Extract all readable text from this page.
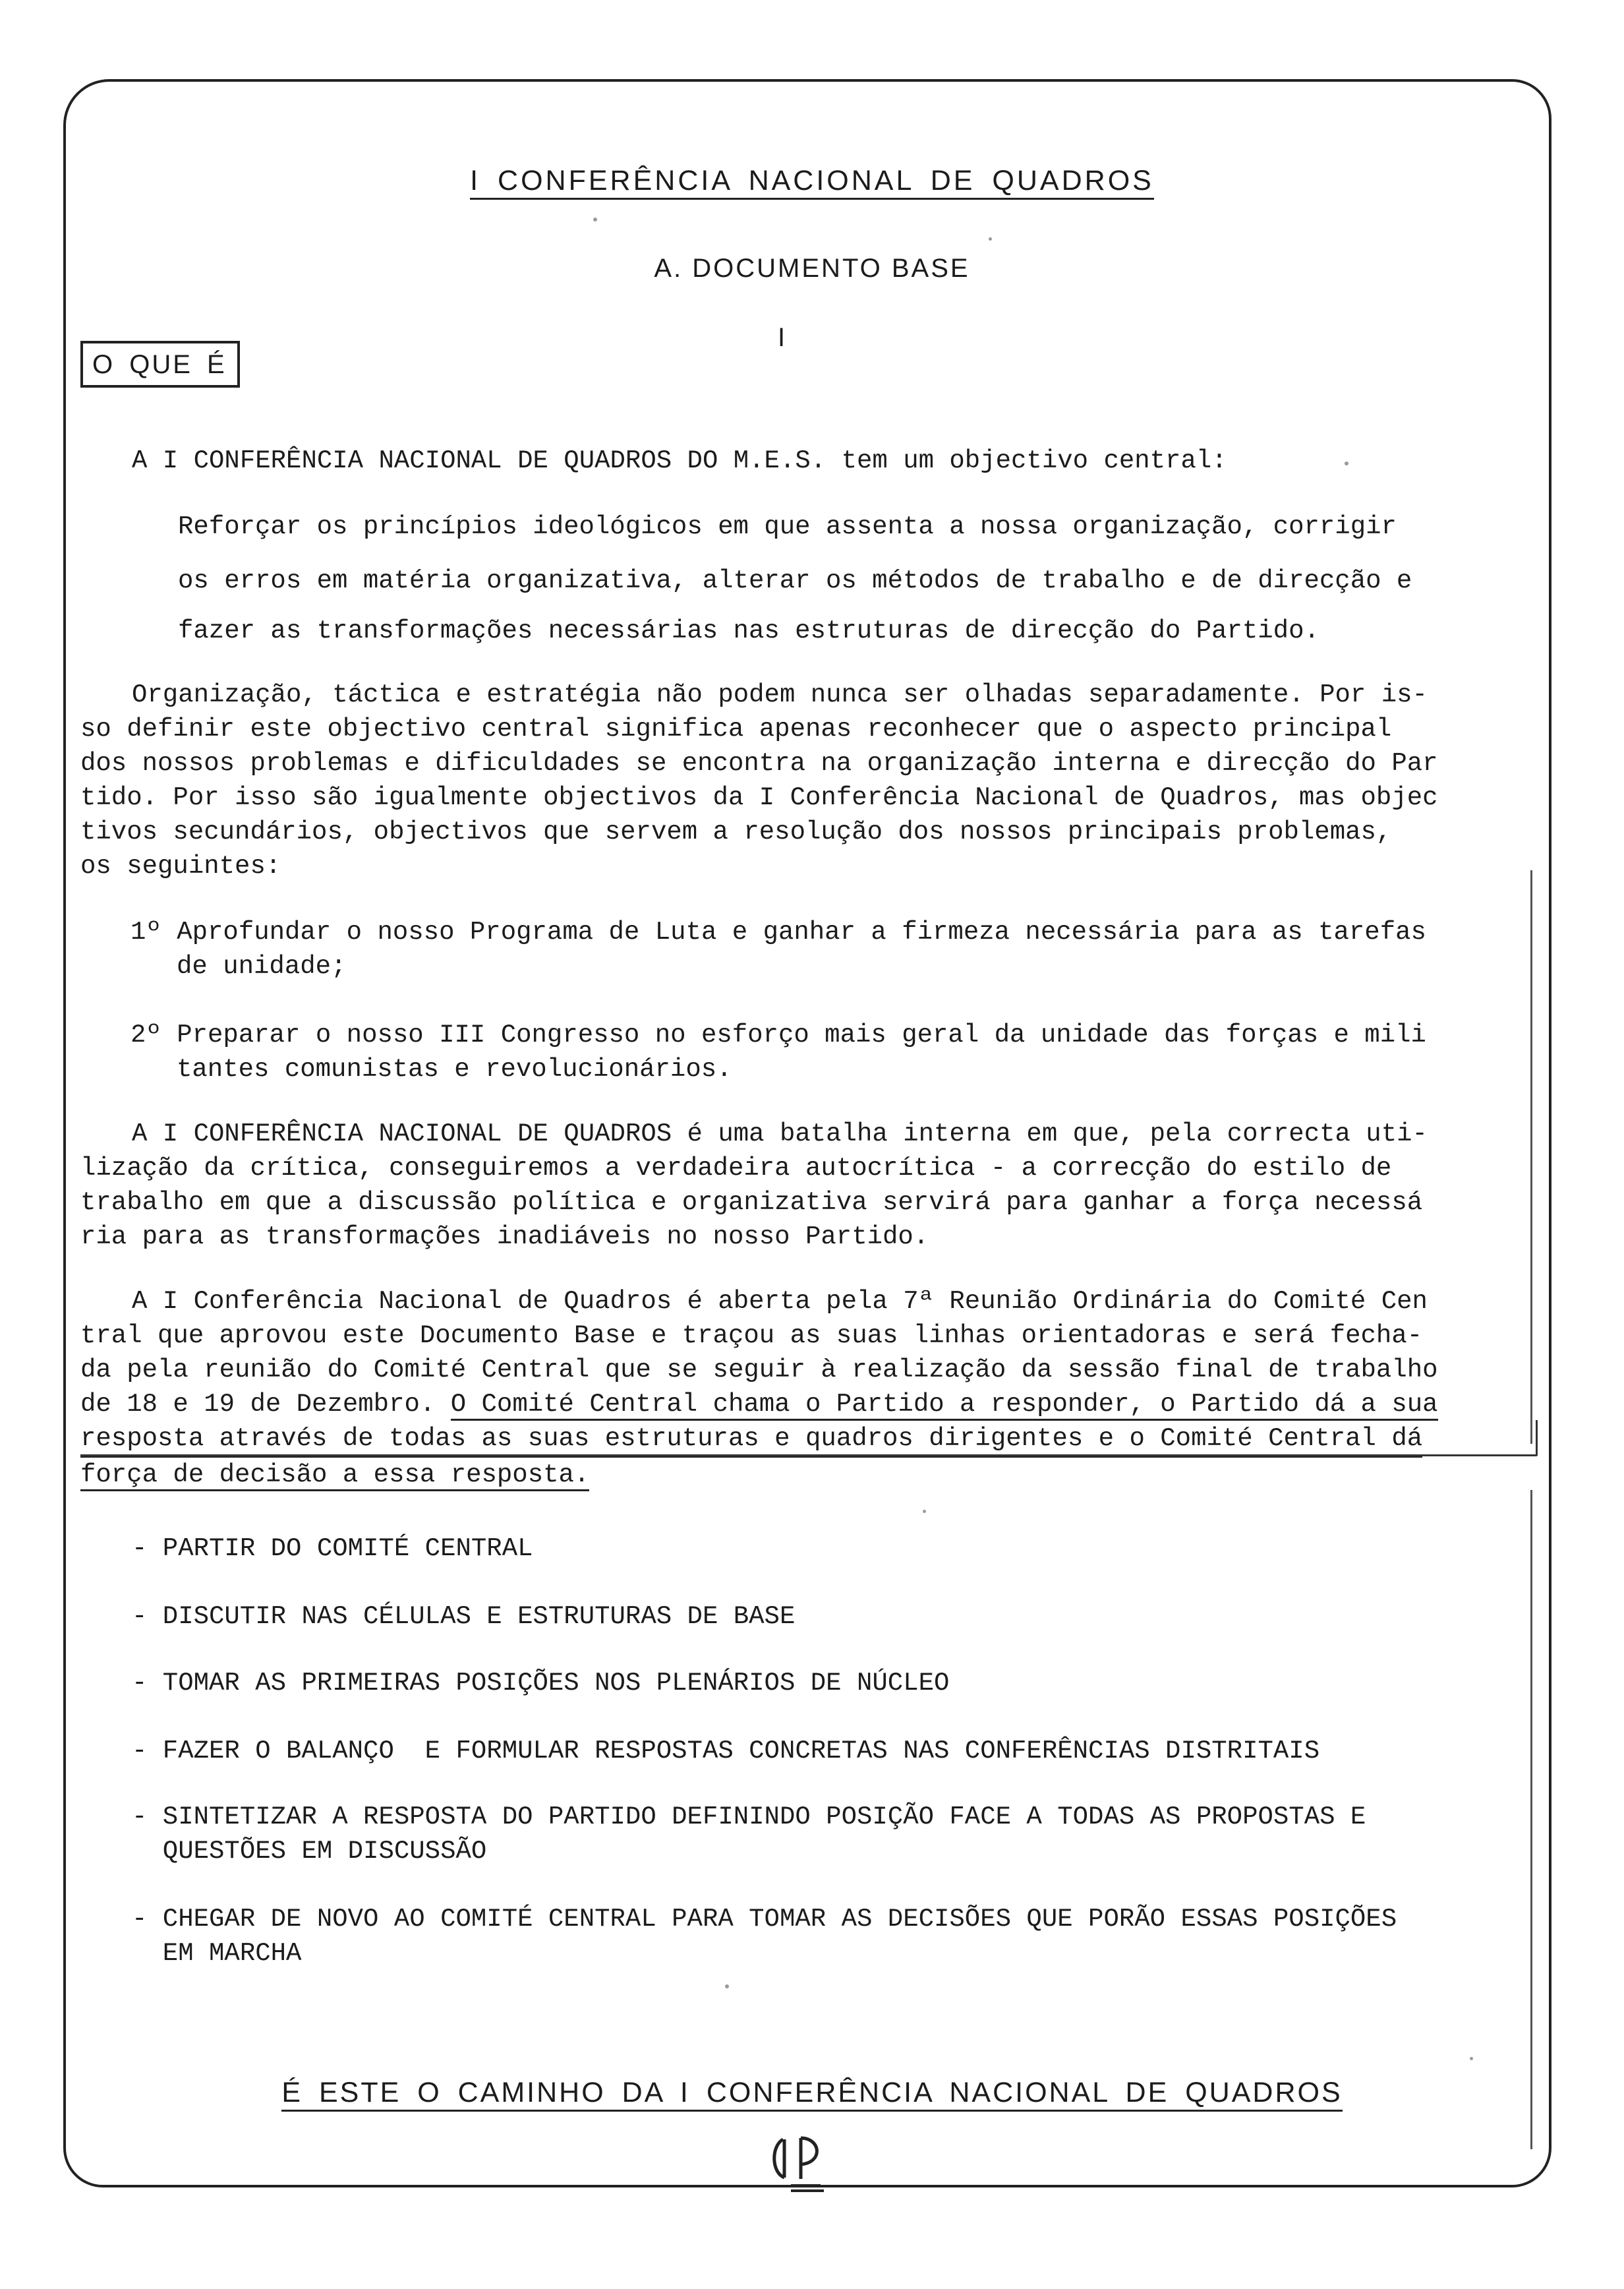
I CONFERÊNCIA NACIONAL DE QUADROS
A. DOCUMENTO BASE
I
O QUE É
A I CONFERÊNCIA NACIONAL DE QUADROS DO M.E.S. tem um objectivo central:
Reforçar os princípios ideológicos em que assenta a nossa organização, corrigir
os erros em matéria organizativa, alterar os métodos de trabalho e de direcção e
fazer as transformações necessárias nas estruturas de direcção do Partido.
Organização, táctica e estratégia não podem nunca ser olhadas separadamente. Por is-
so definir este objectivo central significa apenas reconhecer que o aspecto principal
dos nossos problemas e dificuldades se encontra na organização interna e direcção do Par
tido. Por isso são igualmente objectivos da I Conferência Nacional de Quadros, mas objec
tivos secundários, objectivos que servem a resolução dos nossos principais problemas,
os seguintes:
1º Aprofundar o nosso Programa de Luta e ganhar a firmeza necessária para as tarefas
de unidade;
2º Preparar o nosso III Congresso no esforço mais geral da unidade das forças e mili
tantes comunistas e revolucionários.
A I CONFERÊNCIA NACIONAL DE QUADROS é uma batalha interna em que, pela correcta uti-
lização da crítica, conseguiremos a verdadeira autocrítica - a correcção do estilo de
trabalho em que a discussão política e organizativa servirá para ganhar a força necessá
ria para as transformações inadiáveis no nosso Partido.
A I Conferência Nacional de Quadros é aberta pela 7ª Reunião Ordinária do Comité Cen
tral que aprovou este Documento Base e traçou as suas linhas orientadoras e será fecha-
da pela reunião do Comité Central que se seguir à realização da sessão final de trabalho
de 18 e 19 de Dezembro. O Comité Central chama o Partido a responder, o Partido dá a sua
resposta através de todas as suas estruturas e quadros dirigentes e o Comité Central dá
força de decisão a essa resposta.
- PARTIR DO COMITÉ CENTRAL
- DISCUTIR NAS CÉLULAS E ESTRUTURAS DE BASE
- TOMAR AS PRIMEIRAS POSIÇÕES NOS PLENÁRIOS DE NÚCLEO
- FAZER O BALANÇO  E FORMULAR RESPOSTAS CONCRETAS NAS CONFERÊNCIAS DISTRITAIS
- SINTETIZAR A RESPOSTA DO PARTIDO DEFININDO POSIÇÃO FACE A TODAS AS PROPOSTAS E
QUESTÕES EM DISCUSSÃO
- CHEGAR DE NOVO AO COMITÉ CENTRAL PARA TOMAR AS DECISÕES QUE PORÃO ESSAS POSIÇÕES
EM MARCHA
É ESTE O CAMINHO DA I CONFERÊNCIA NACIONAL DE QUADROS
